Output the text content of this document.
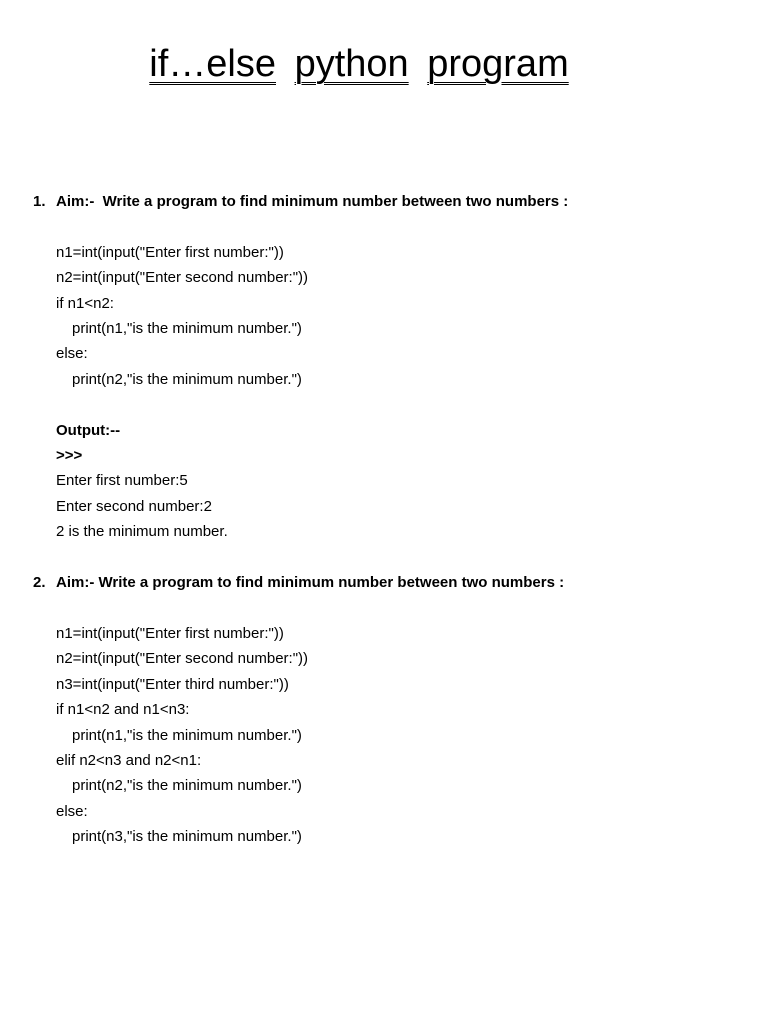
if…else python program
1. Aim:-  Write a program to find minimum number between two numbers :
n1=int(input("Enter first number:"))
n2=int(input("Enter second number:"))
if n1<n2:
print(n1,"is the minimum number.")
else:
print(n2,"is the minimum number.")
Output:--
>>>
Enter first number:5
Enter second number:2
2 is the minimum number.
2. Aim:- Write a program to find minimum number between two numbers :
n1=int(input("Enter first number:"))
n2=int(input("Enter second number:"))
n3=int(input("Enter third number:"))
if n1<n2 and n1<n3:
print(n1,"is the minimum number.")
elif n2<n3 and n2<n1:
print(n2,"is the minimum number.")
else:
print(n3,"is the minimum number.")
